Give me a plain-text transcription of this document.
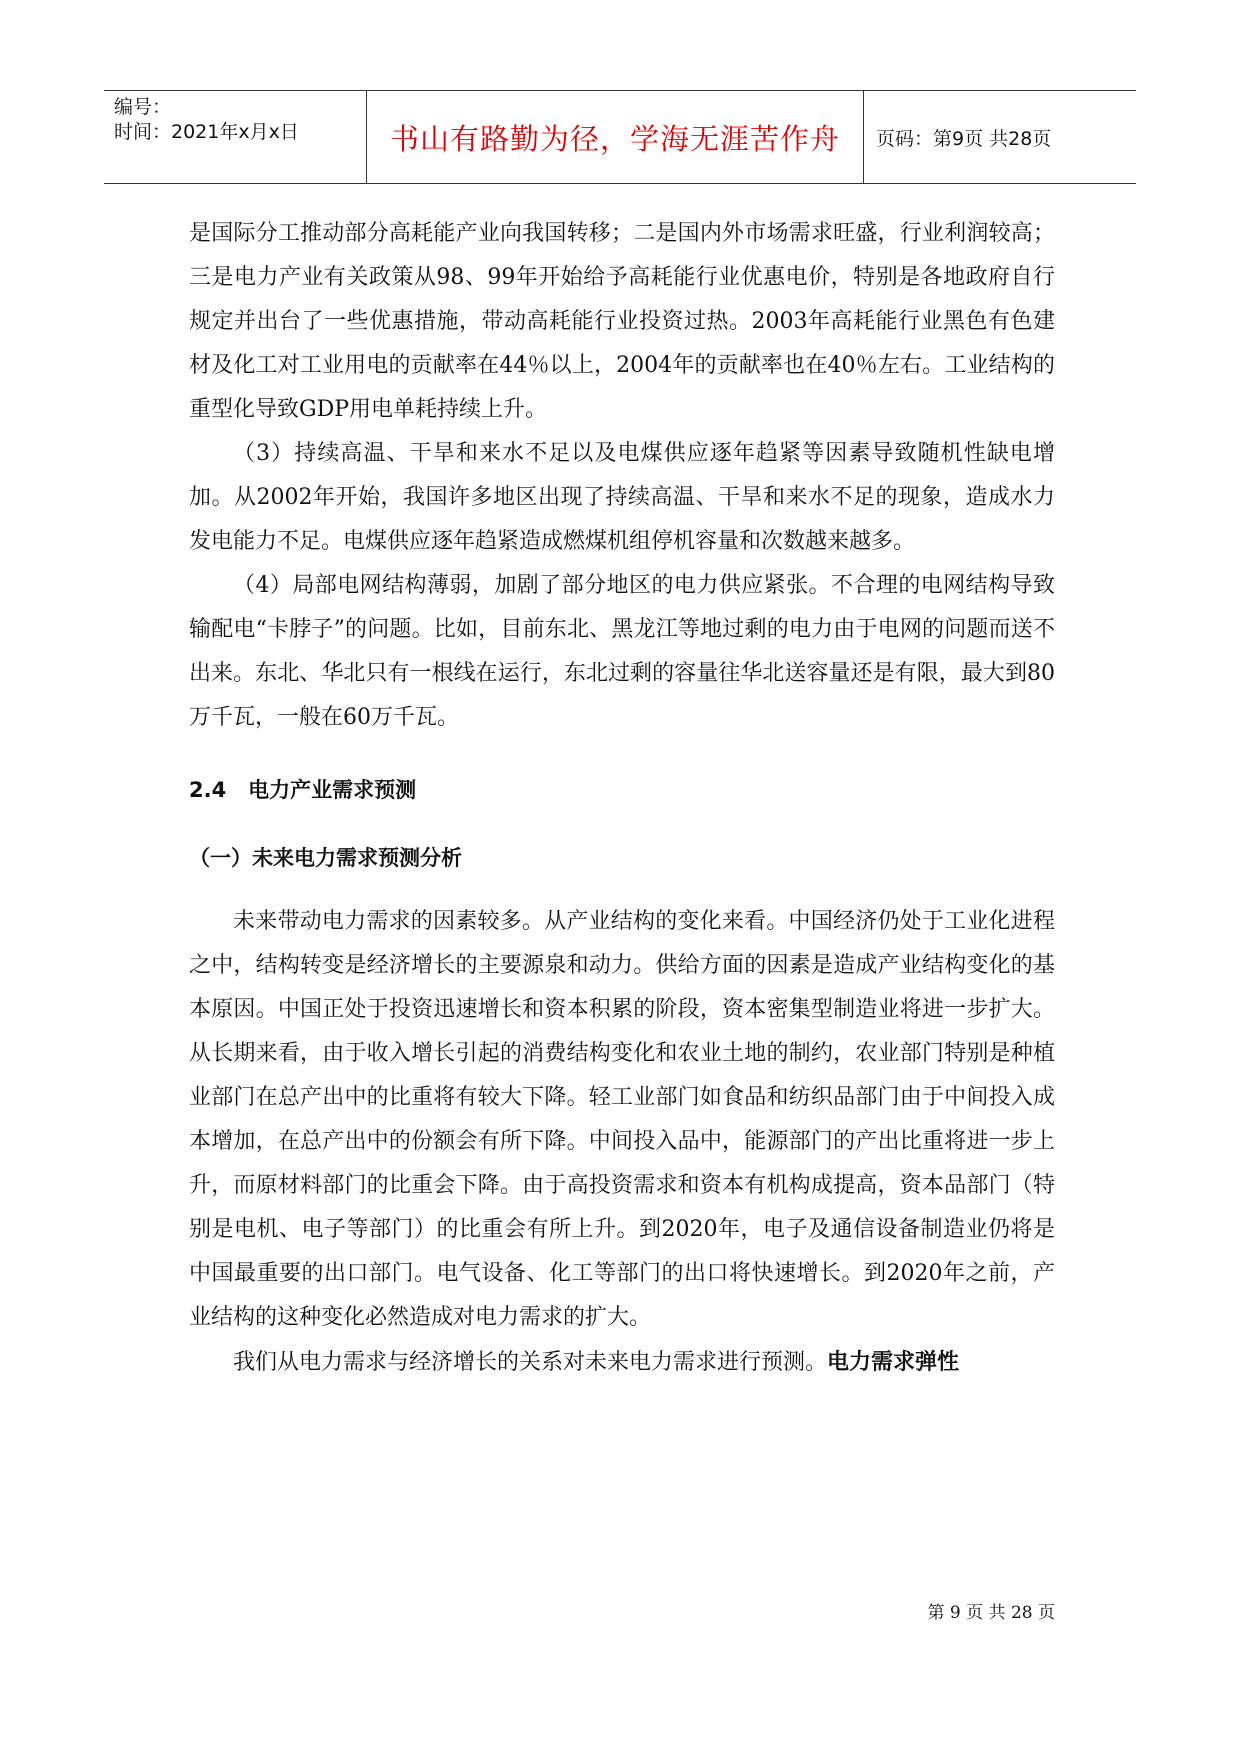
编号：
时间：2021年x月x日	书山有路勤为径，学海无涯苦作舟 页码：第9页 共28页

是国际分工推动部分高耗能产业向我国转移；二是国内外市场需求旺盛，行业利润较高；三是电力产业有关政策从98、99年开始给予高耗能行业优惠电价，特别是各地政府自行规定并出台了一些优惠措施，带动高耗能行业投资过热。2003年高耗能行业黑色有色建材及化工对工业用电的贡献率在44％以上，2004年的贡献率也在40％左右。工业结构的重型化导致GDP用电单耗持续上升。

（3）持续高温、干旱和来水不足以及电煤供应逐年趋紧等因素导致随机性缺电增加。从2002年开始，我国许多地区出现了持续高温、干旱和来水不足的现象，造成水力发电能力不足。电煤供应逐年趋紧造成燃煤机组停机容量和次数越来越多。

（4）局部电网结构薄弱，加剧了部分地区的电力供应紧张。不合理的电网结构导致输配电“卡脖子”的问题。比如，目前东北、黑龙江等地过剩的电力由于电网的问题而送不出来。东北、华北只有一根线在运行，东北过剩的容量往华北送容量还是有限，最大到80万千瓦，一般在60万千瓦。

2.4   电力产业需求预测

（一）未来电力需求预测分析

未来带动电力需求的因素较多。从产业结构的变化来看。中国经济仍处于工业化进程之中，结构转变是经济增长的主要源泉和动力。供给方面的因素是造成产业结构变化的基本原因。中国正处于投资迅速增长和资本积累的阶段，资本密集型制造业将进一步扩大。从长期来看，由于收入增长引起的消费结构变化和农业土地的制约，农业部门特别是种植业部门在总产出中的比重将有较大下降。轻工业部门如食品和纺织品部门由于中间投入成本增加，在总产出中的份额会有所下降。中间投入品中，能源部门的产出比重将进一步上升，而原材料部门的比重会下降。由于高投资需求和资本有机构成提高，资本品部门（特别是电机、电子等部门）的比重会有所上升。到2020年，电子及通信设备制造业仍将是中国最重要的出口部门。电气设备、化工等部门的出口将快速增长。到2020年之前，产业结构的这种变化必然造成对电力需求的扩大。

我们从电力需求与经济增长的关系对未来电力需求进行预测。电力需求弹性

第 9 页 共 28 页
